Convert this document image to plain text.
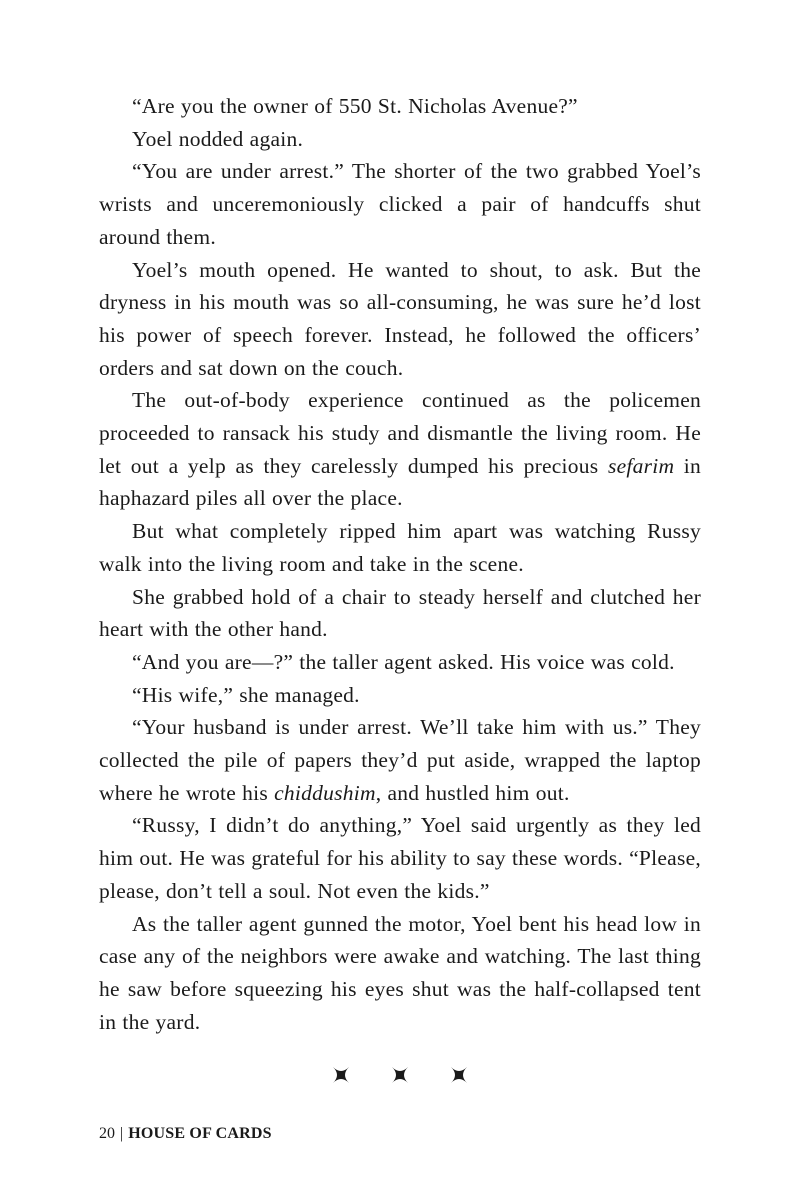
“Are you the owner of 550 St. Nicholas Avenue?”

Yoel nodded again.

“You are under arrest.” The shorter of the two grabbed Yoel’s wrists and unceremoniously clicked a pair of handcuffs shut around them.

Yoel’s mouth opened. He wanted to shout, to ask. But the dryness in his mouth was so all-consuming, he was sure he’d lost his power of speech forever. Instead, he followed the officers’ orders and sat down on the couch.

The out-of-body experience continued as the policemen proceeded to ransack his study and dismantle the living room. He let out a yelp as they carelessly dumped his precious sefarim in haphazard piles all over the place.

But what completely ripped him apart was watching Russy walk into the living room and take in the scene.

She grabbed hold of a chair to steady herself and clutched her heart with the other hand.

“And you are—?” the taller agent asked. His voice was cold.

“His wife,” she managed.

“Your husband is under arrest. We’ll take him with us.” They collected the pile of papers they’d put aside, wrapped the laptop where he wrote his chiddushim, and hustled him out.

“Russy, I didn’t do anything,” Yoel said urgently as they led him out. He was grateful for his ability to say these words. “Please, please, don’t tell a soul. Not even the kids.”

As the taller agent gunned the motor, Yoel bent his head low in case any of the neighbors were awake and watching. The last thing he saw before squeezing his eyes shut was the half-collapsed tent in the yard.

20 | HOUSE OF CARDS
